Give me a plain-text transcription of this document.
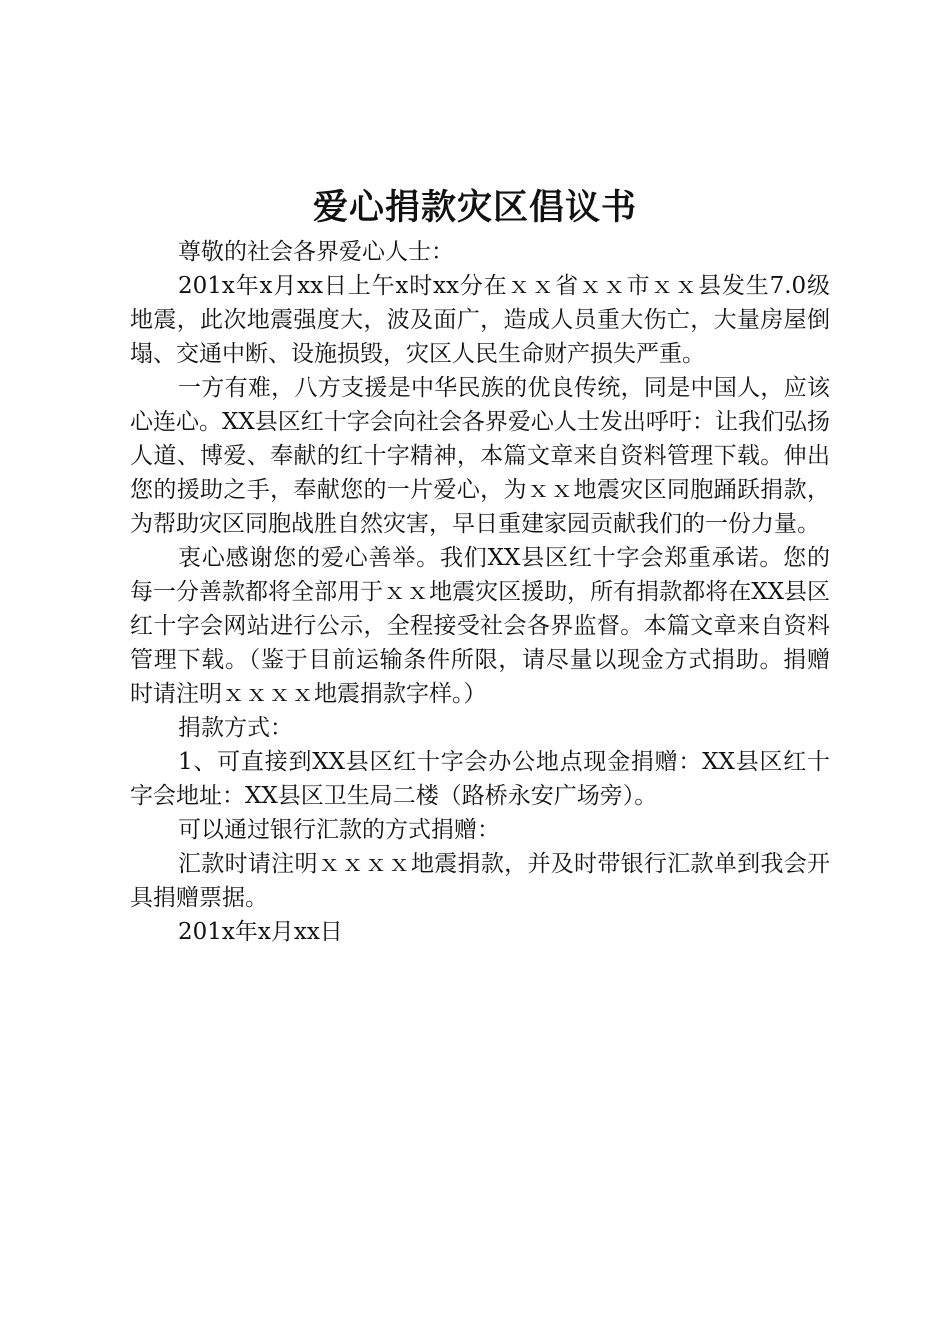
爱心捐款灾区倡议书

尊敬的社会各界爱心人士：

201x年x月xx日上午x时xx分在ｘｘ省ｘｘ市ｘｘ县发生7.0级地震，此次地震强度大，波及面广，造成人员重大伤亡，大量房屋倒塌、交通中断、设施损毁，灾区人民生命财产损失严重。

一方有难，八方支援是中华民族的优良传统，同是中国人，应该心连心。XX县区红十字会向社会各界爱心人士发出呼吁：让我们弘扬人道、博爱、奉献的红十字精神，本篇文章来自资料管理下载。伸出您的援助之手，奉献您的一片爱心，为ｘｘ地震灾区同胞踊跃捐款，为帮助灾区同胞战胜自然灾害，早日重建家园贡献我们的一份力量。

衷心感谢您的爱心善举。我们XX县区红十字会郑重承诺。您的每一分善款都将全部用于ｘｘ地震灾区援助，所有捐款都将在XX县区红十字会网站进行公示，全程接受社会各界监督。本篇文章来自资料管理下载。（鉴于目前运输条件所限，请尽量以现金方式捐助。捐赠时请注明ｘｘｘｘ地震捐款字样。）

捐款方式：

1、可直接到XX县区红十字会办公地点现金捐赠：XX县区红十字会地址：XX县区卫生局二楼（路桥永安广场旁）。

可以通过银行汇款的方式捐赠：

汇款时请注明ｘｘｘｘ地震捐款，并及时带银行汇款单到我会开具捐赠票据。

201x年x月xx日
